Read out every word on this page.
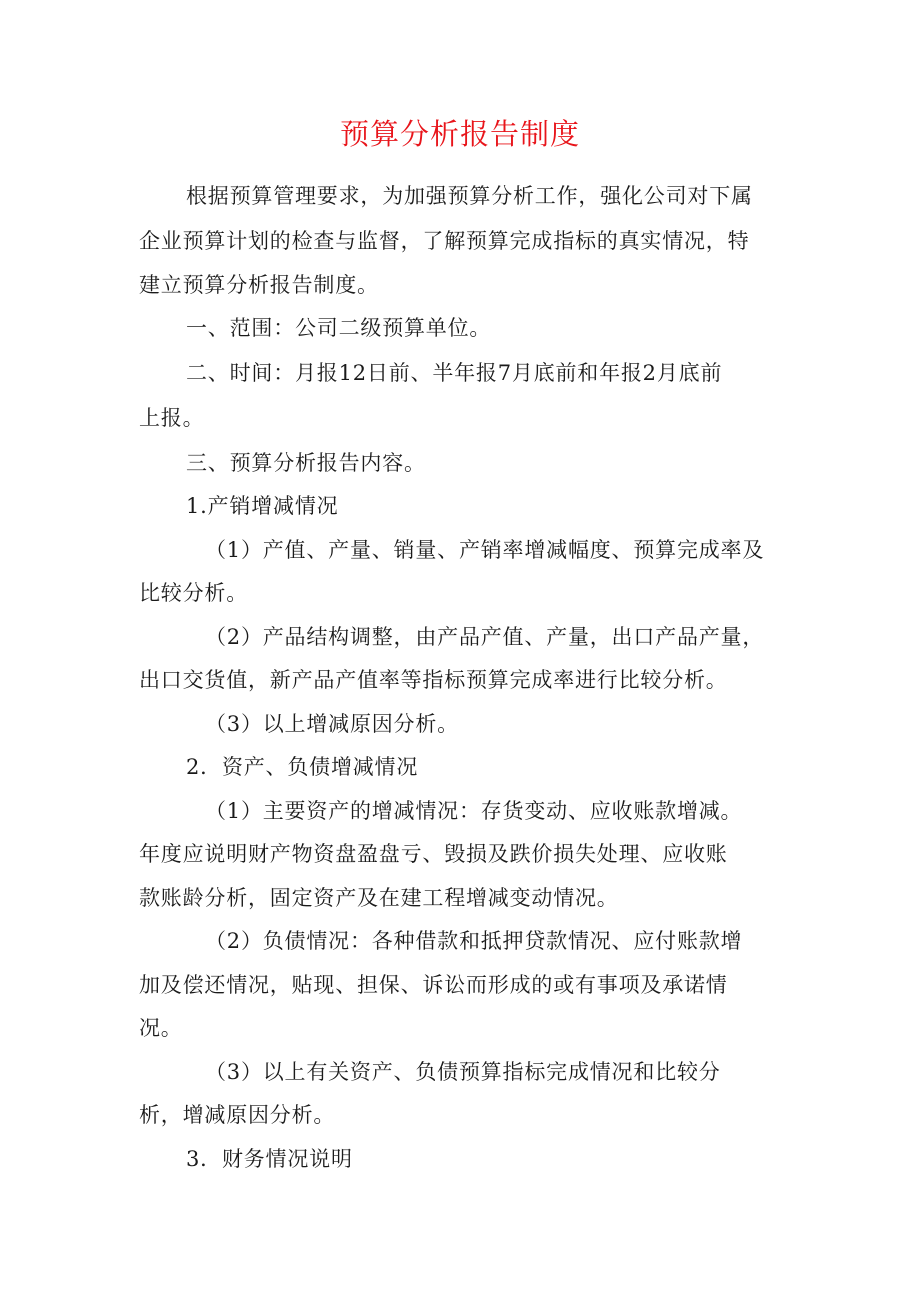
预算分析报告制度
根据预算管理要求，为加强预算分析工作，强化公司对下属
企业预算计划的检查与监督，了解预算完成指标的真实情况，特
建立预算分析报告制度。
一、范围：公司二级预算单位。
二、时间：月报12日前、半年报7月底前和年报2月底前
上报。
三、预算分析报告内容。
1.产销增减情况
（1）产值、产量、销量、产销率增减幅度、预算完成率及
比较分析。
（2）产品结构调整，由产品产值、产量，出口产品产量，
出口交货值，新产品产值率等指标预算完成率进行比较分析。
（3）以上增减原因分析。
2．资产、负债增减情况
（1）主要资产的增减情况：存货变动、应收账款增减。
年度应说明财产物资盘盈盘亏、毁损及跌价损失处理、应收账
款账龄分析，固定资产及在建工程增减变动情况。
（2）负债情况：各种借款和抵押贷款情况、应付账款增
加及偿还情况，贴现、担保、诉讼而形成的或有事项及承诺情
况。
（3）以上有关资产、负债预算指标完成情况和比较分
析，增减原因分析。
3．财务情况说明
